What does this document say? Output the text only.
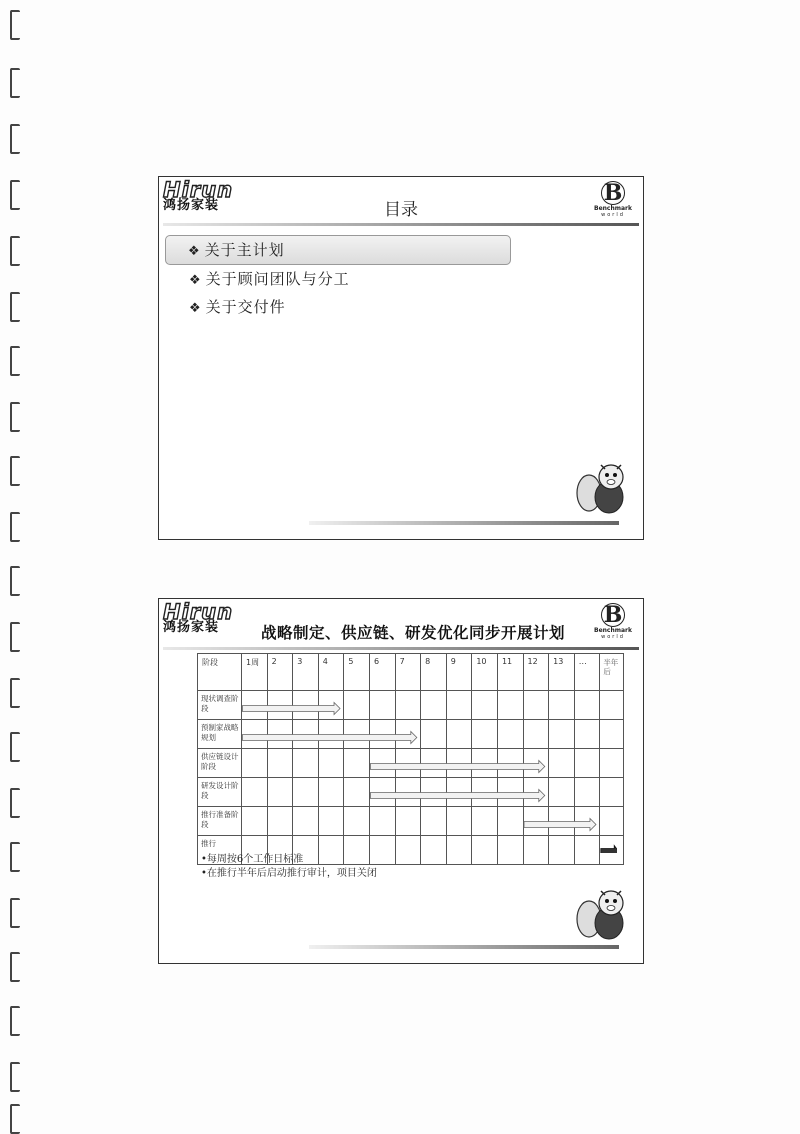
Hirun
鸿扬家装	B
Benchmark
world
目录
❖ 关于主计划
❖ 关于顾问团队与分工
❖ 关于交付件
Hirun
鸿扬家装	B
Benchmark
world
战略制定、供应链、研发优化同步开展计划
阶段	1周	2	3	4	5	6	7	8	9	10	11	12	13	…	半年后
现状调查阶段															
预制家战略规划															
供应链设计阶段															
研发设计阶段															
推行准备阶段															
推行															
•每周按6个工作日标准
•在推行半年后启动推行审计，项目关闭
